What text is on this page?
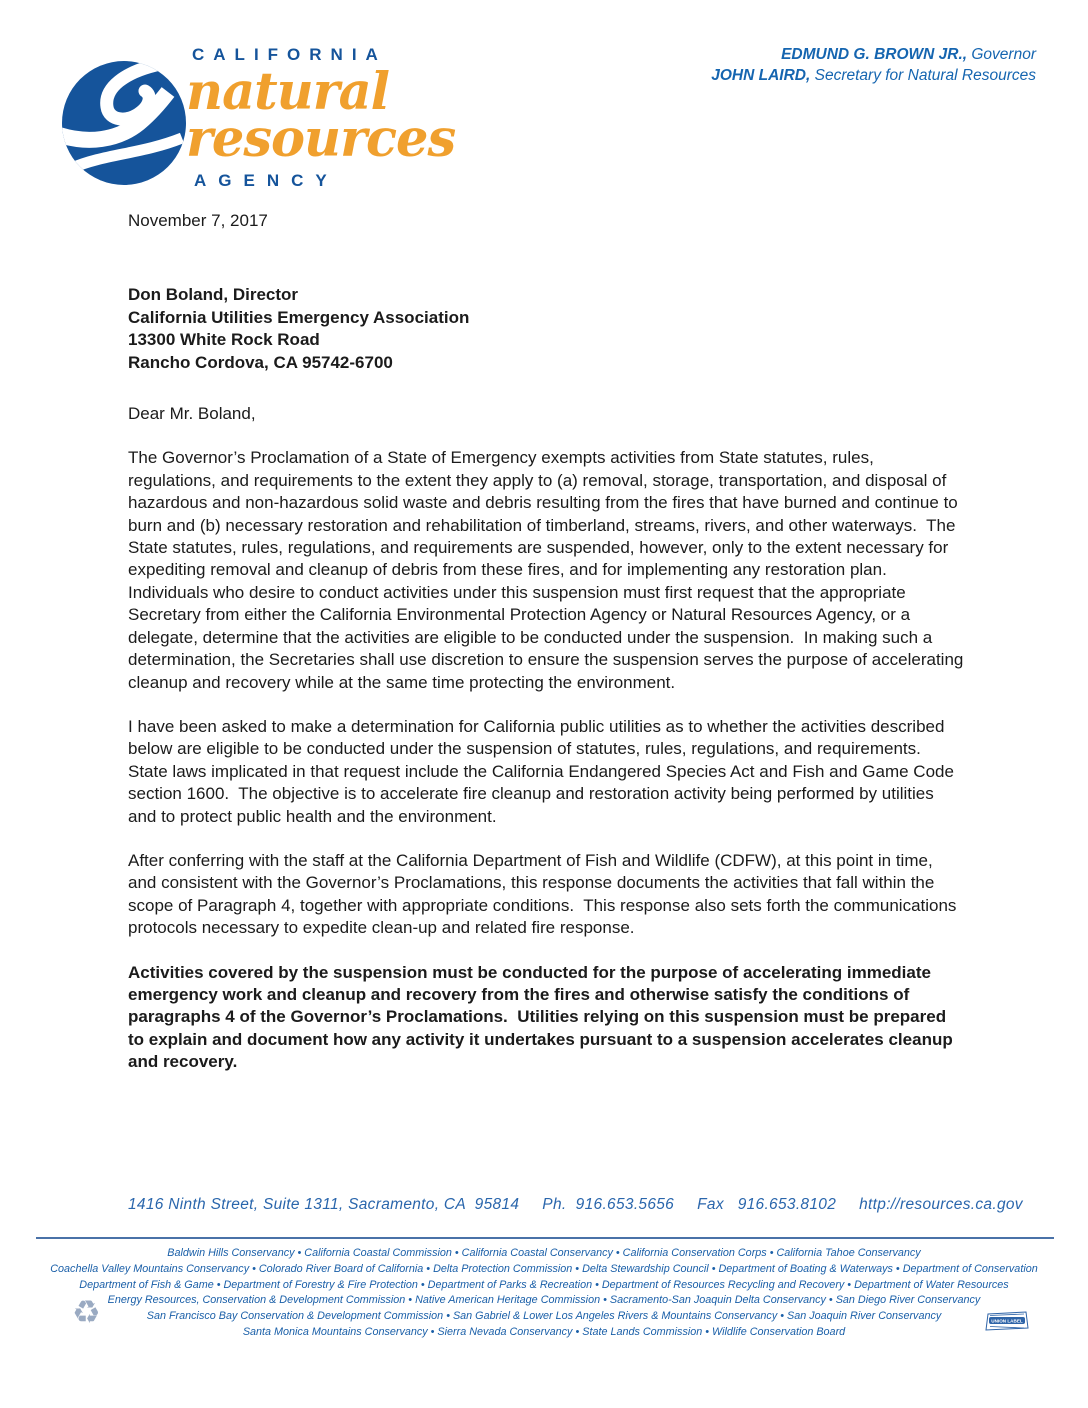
CALIFORNIA
natural
resources
AGENCY
EDMUND G. BROWN JR., Governor
JOHN LAIRD, Secretary for Natural Resources
November 7, 2017
Don Boland, Director
California Utilities Emergency Association
13300 White Rock Road
Rancho Cordova, CA 95742-6700
Dear Mr. Boland,

The Governor’s Proclamation of a State of Emergency exempts activities from State statutes, rules, regulations, and requirements to the extent they apply to (a) removal, storage, transportation, and disposal of hazardous and non-hazardous solid waste and debris resulting from the fires that have burned and continue to burn and (b) necessary restoration and rehabilitation of timberland, streams, rivers, and other waterways.  The State statutes, rules, regulations, and requirements are suspended, however, only to the extent necessary for expediting removal and cleanup of debris from these fires, and for implementing any restoration plan.  Individuals who desire to conduct activities under this suspension must first request that the appropriate Secretary from either the California Environmental Protection Agency or Natural Resources Agency, or a delegate, determine that the activities are eligible to be conducted under the suspension.  In making such a determination, the Secretaries shall use discretion to ensure the suspension serves the purpose of accelerating cleanup and recovery while at the same time protecting the environment.

I have been asked to make a determination for California public utilities as to whether the activities described below are eligible to be conducted under the suspension of statutes, rules, regulations, and requirements.  State laws implicated in that request include the California Endangered Species Act and Fish and Game Code section 1600.  The objective is to accelerate fire cleanup and restoration activity being performed by utilities and to protect public health and the environment.

After conferring with the staff at the California Department of Fish and Wildlife (CDFW), at this point in time, and consistent with the Governor’s Proclamations, this response documents the activities that fall within the scope of Paragraph 4, together with appropriate conditions.  This response also sets forth the communications protocols necessary to expedite clean-up and related fire response.

Activities covered by the suspension must be conducted for the purpose of accelerating immediate emergency work and cleanup and recovery from the fires and otherwise satisfy the conditions of paragraphs 4 of the Governor’s Proclamations.  Utilities relying on this suspension must be prepared to explain and document how any activity it undertakes pursuant to a suspension accelerates cleanup and recovery.

1416 Ninth Street, Suite 1311, Sacramento, CA  95814     Ph.  916.653.5656     Fax   916.653.8102     http://resources.ca.gov
Baldwin Hills Conservancy • California Coastal Commission • California Coastal Conservancy • California Conservation Corps • California Tahoe Conservancy
Coachella Valley Mountains Conservancy • Colorado River Board of California • Delta Protection Commission • Delta Stewardship Council • Department of Boating & Waterways • Department of Conservation
Department of Fish & Game • Department of Forestry & Fire Protection • Department of Parks & Recreation • Department of Resources Recycling and Recovery • Department of Water Resources
Energy Resources, Conservation & Development Commission • Native American Heritage Commission • Sacramento-San Joaquin Delta Conservancy • San Diego River Conservancy
San Francisco Bay Conservation & Development Commission • San Gabriel & Lower Los Angeles Rivers & Mountains Conservancy • San Joaquin River Conservancy
Santa Monica Mountains Conservancy • Sierra Nevada Conservancy • State Lands Commission • Wildlife Conservation Board
♻	UNION LABEL
